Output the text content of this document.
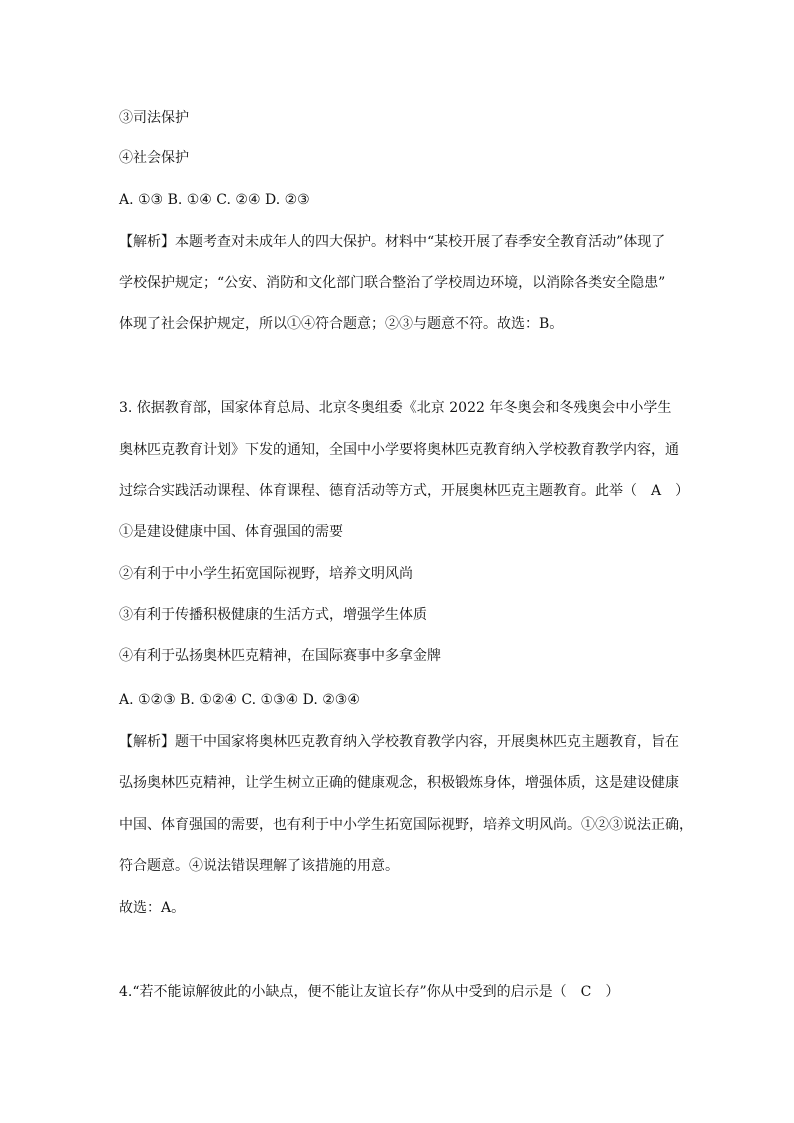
③司法保护
④社会保护
A. ①③ B. ①④ C. ②④ D. ②③
【解析】本题考查对未成年人的四大保护。材料中“某校开展了春季安全教育活动”体现了
学校保护规定；“公安、消防和文化部门联合整治了学校周边环境，以消除各类安全隐患”
体现了社会保护规定，所以①④符合题意；②③与题意不符。故选：B。
3. 依据教育部，国家体育总局、北京冬奥组委《北京 2022 年冬奥会和冬残奥会中小学生
奥林匹克教育计划》下发的通知，全国中小学要将奥林匹克教育纳入学校教育教学内容，通
过综合实践活动课程、体育课程、德育活动等方式，开展奥林匹克主题教育。此举（　A　）
①是建设健康中国、体育强国的需要
②有利于中小学生拓宽国际视野，培养文明风尚
③有利于传播积极健康的生活方式，增强学生体质
④有利于弘扬奥林匹克精神，在国际赛事中多拿金牌
A. ①②③ B. ①②④ C. ①③④ D. ②③④
【解析】题干中国家将奥林匹克教育纳入学校教育教学内容，开展奥林匹克主题教育，旨在
弘扬奥林匹克精神，让学生树立正确的健康观念，积极锻炼身体，增强体质，这是建设健康
中国、体育强国的需要，也有利于中小学生拓宽国际视野，培养文明风尚。①②③说法正确，
符合题意。④说法错误理解了该措施的用意。
故选：A。
4.“若不能谅解彼此的小缺点，便不能让友谊长存”你从中受到的启示是（　C　）
